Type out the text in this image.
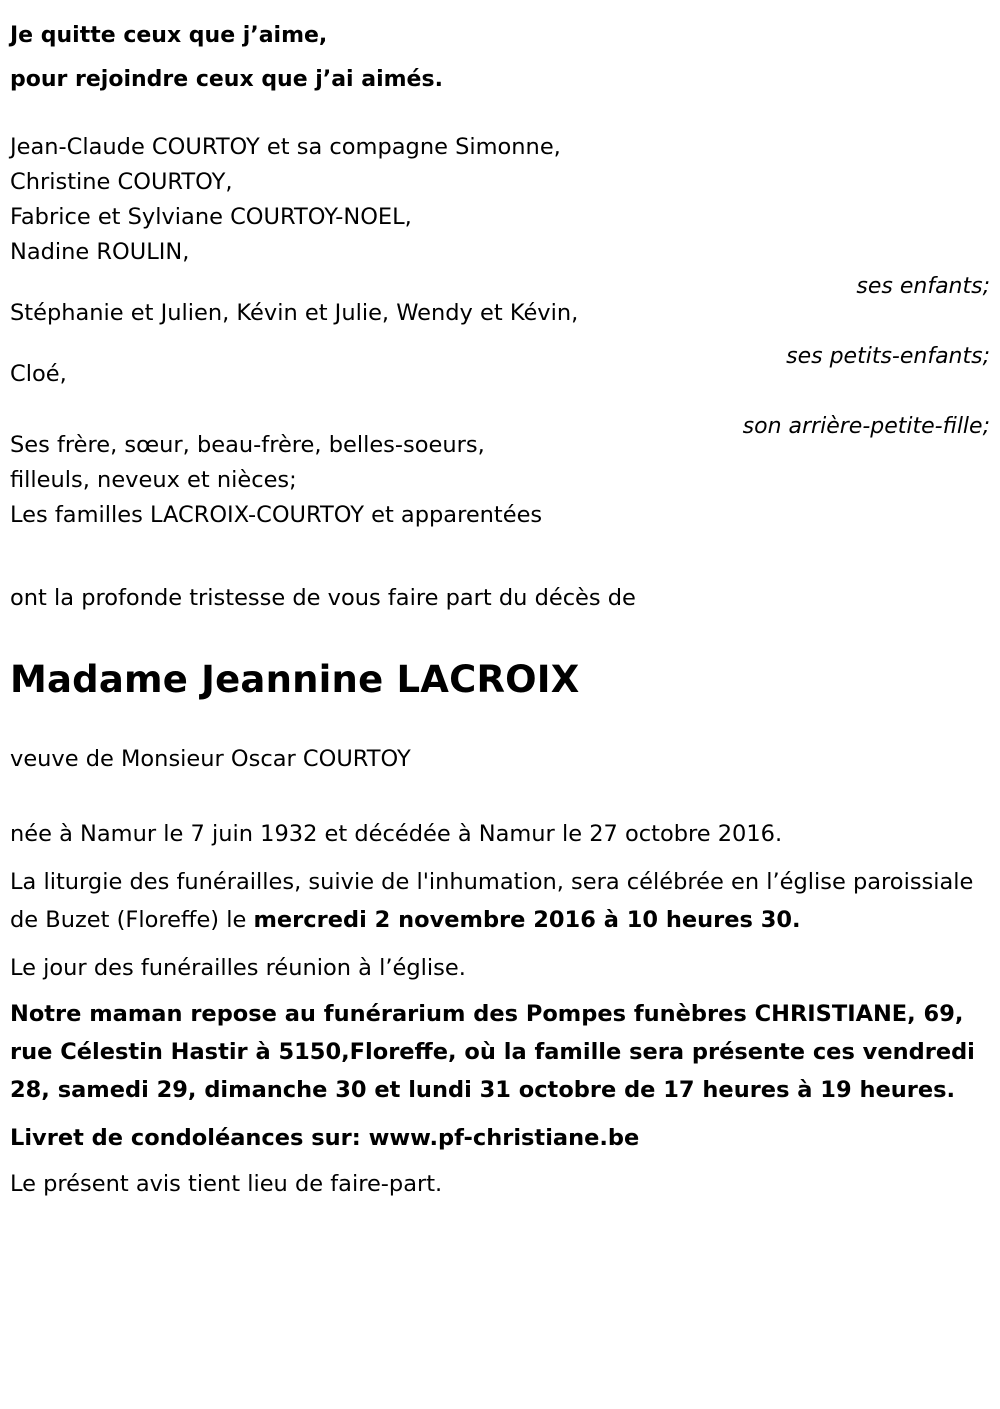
Je quitte ceux que j’aime,
pour rejoindre ceux que j’ai aimés.
Jean-Claude COURTOY et sa compagne Simonne,
Christine COURTOY,
Fabrice et Sylviane COURTOY-NOEL,
Nadine ROULIN,
Stéphanie et Julien, Kévin et Julie, Wendy et Kévin,
Cloé,
ses enfants;
ses petits-enfants;
son arrière-petite-fille;
Ses frère, sœur, beau-frère, belles-soeurs,
filleuls, neveux et nièces;
Les familles LACROIX-COURTOY et apparentées
ont la profonde tristesse de vous faire part du décès de
Madame Jeannine LACROIX
veuve de Monsieur Oscar COURTOY
née à Namur le 7 juin 1932 et décédée à Namur le 27 octobre 2016.
La liturgie des funérailles, suivie de l'inhumation, sera célébrée en l’église paroissiale de Buzet (Floreffe) le mercredi 2 novembre 2016 à 10 heures 30.
Le jour des funérailles réunion à l’église.
Notre maman repose au funérarium des Pompes funèbres CHRISTIANE, 69, rue Célestin Hastir à 5150,Floreffe, où la famille sera présente ces vendredi 28, samedi 29, dimanche 30 et lundi 31 octobre de 17 heures à 19 heures.
Livret de condoléances sur: www.pf-christiane.be
Le présent avis tient lieu de faire-part.
